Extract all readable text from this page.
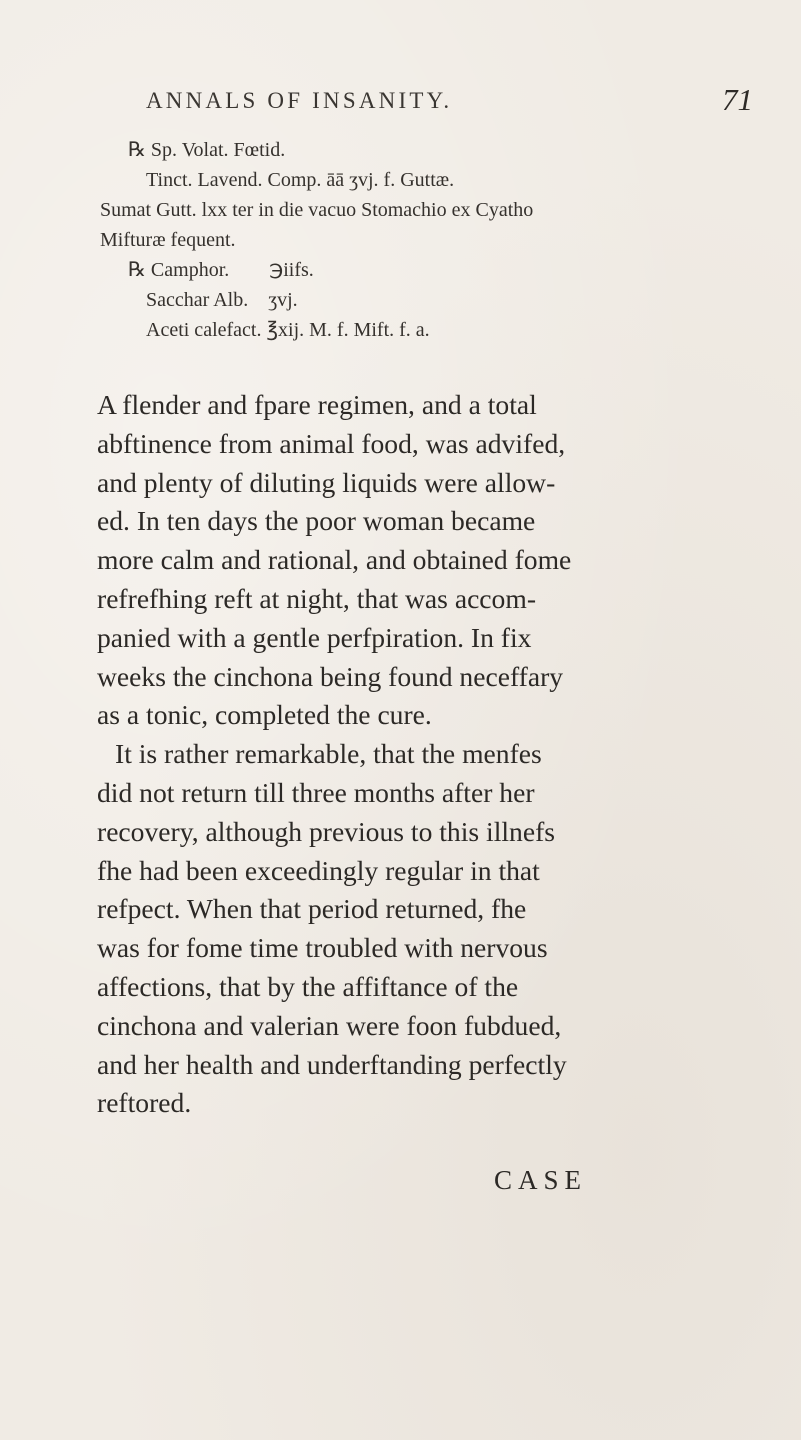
ANNALS OF INSANITY.	71
℞ Sp. Volat. Fœtid.
Tinct. Lavend. Comp. āā ʒvj. f. Guttæ.
Sumat Gutt. lxx ter in die vacuo Stomachio ex Cyatho
Mifturæ fequent.
℞ Camphor.        ℈iifs.
Sacchar Alb.    ʒvj.
Aceti calefact. ℥xij. M. f. Mift. f. a.
A flender and fpare regimen, and a total
abftinence from animal food, was advifed,
and plenty of diluting liquids were allow-
ed. In ten days the poor woman became
more calm and rational, and obtained fome
refrefhing reft at night, that was accom-
panied with a gentle perfpiration. In fix
weeks the cinchona being found neceffary
as a tonic, completed the cure.
It is rather remarkable, that the menfes
did not return till three months after her
recovery, although previous to this illnefs
fhe had been exceedingly regular in that
refpect. When that period returned, fhe
was for fome time troubled with nervous
affections, that by the affiftance of the
cinchona and valerian were foon fubdued,
and her health and underftanding perfectly
reftored.
CASE
